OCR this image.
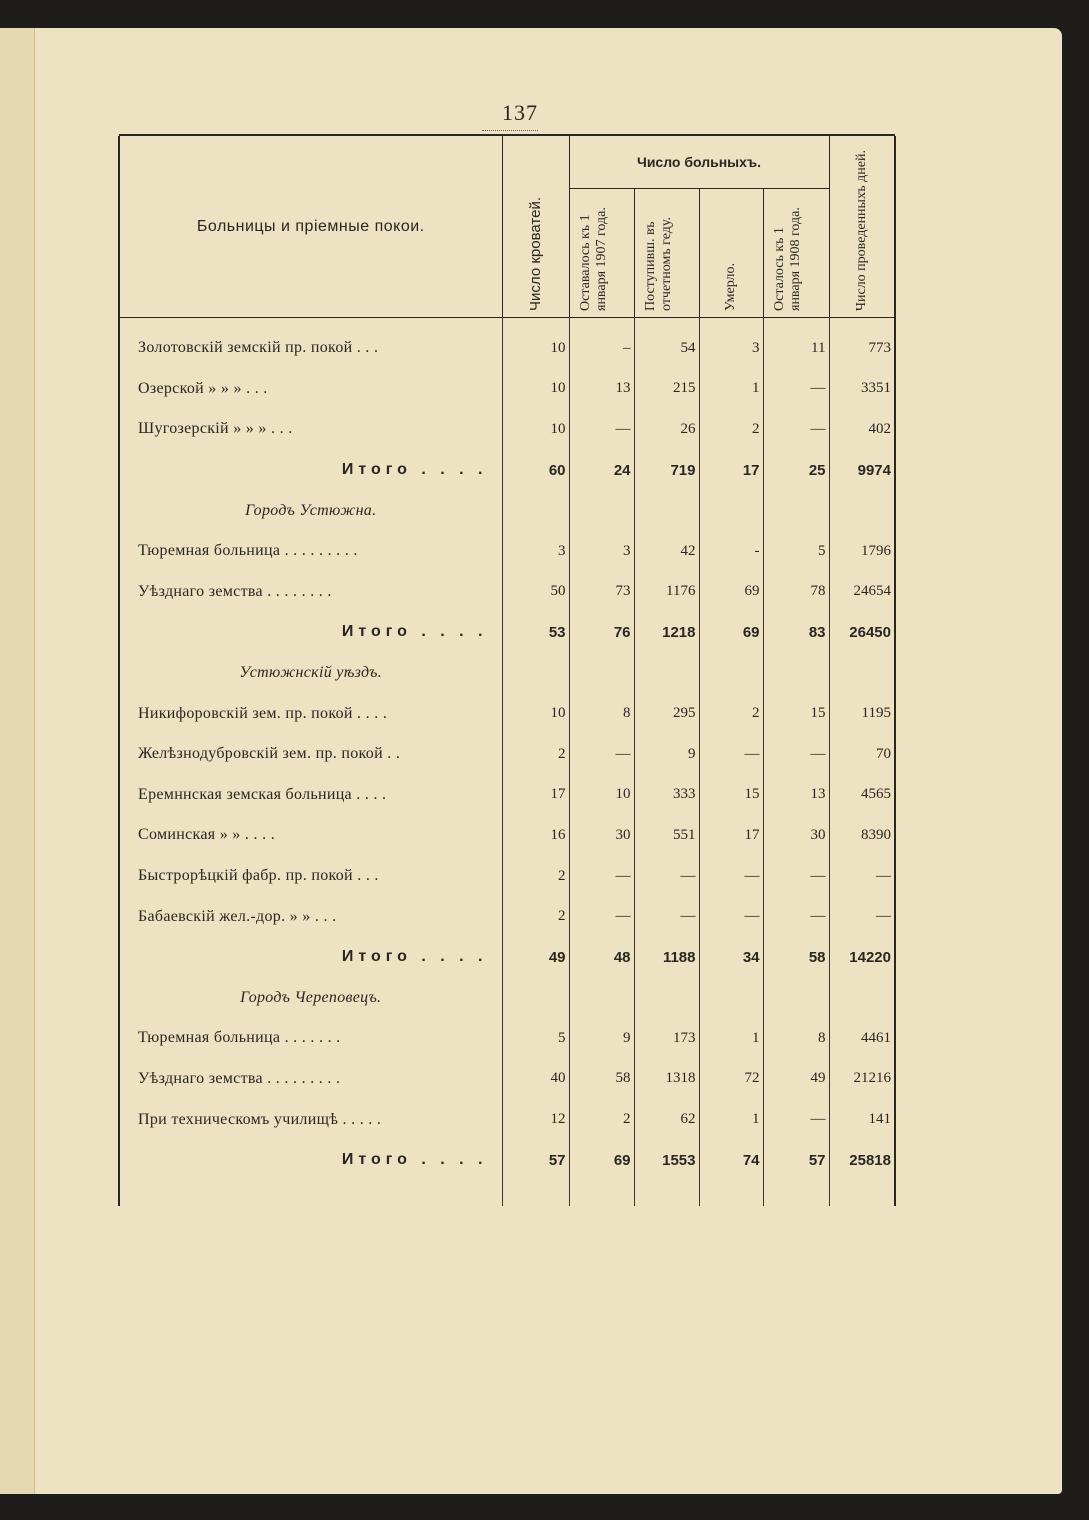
137

Больницы и пріемные покои.	Число кроватей.	Число больныхъ.				Число проведенныхъ дней.

		Оставалось къ 1 января 1907 года.	Поступивш. въ отчетномъ геду.	Умерло.	Осталось къ 1 января 1908 года.	

Золотовскій земскій пр. покой . . .	10	–	54	3	11	773
Озерской » » » . . .	10	13	215	1	—	3351
Шугозерскій » » » . . .	10	—	26	2	—	402
Итого . . . .	60	24	719	17	25	9974
Городъ Устюжна.						
Тюремная больница . . . . . . . . .	3	3	42	-	5	1796
Уѣзднаго земства . . . . . . . .	50	73	1176	69	78	24654
Итого . . . .	53	76	1218	69	83	26450
Устюжнскій уѣздъ.						
Никифоровскій зем. пр. покой . . . .	10	8	295	2	15	1195
Желѣзнодубровскій зем. пр. покой . .	2	—	9	—	—	70
Еремннская земская больница . . . .	17	10	333	15	13	4565
Соминская » » . . . .	16	30	551	17	30	8390
Быстрорѣцкій фабр. пр. покой . . .	2	—	—	—	—	—
Бабаевскій жел.-дор. » » . . .	2	—	—	—	—	—
Итого . . . .	49	48	1188	34	58	14220
Городъ Череповецъ.						
Тюремная больница . . . . . . .	5	9	173	1	8	4461
Уѣзднаго земства . . . . . . . . .	40	58	1318	72	49	21216
При техническомъ училищѣ . . . . .	12	2	62	1	—	141
Итого . . . .	57	69	1553	74	57	25818
